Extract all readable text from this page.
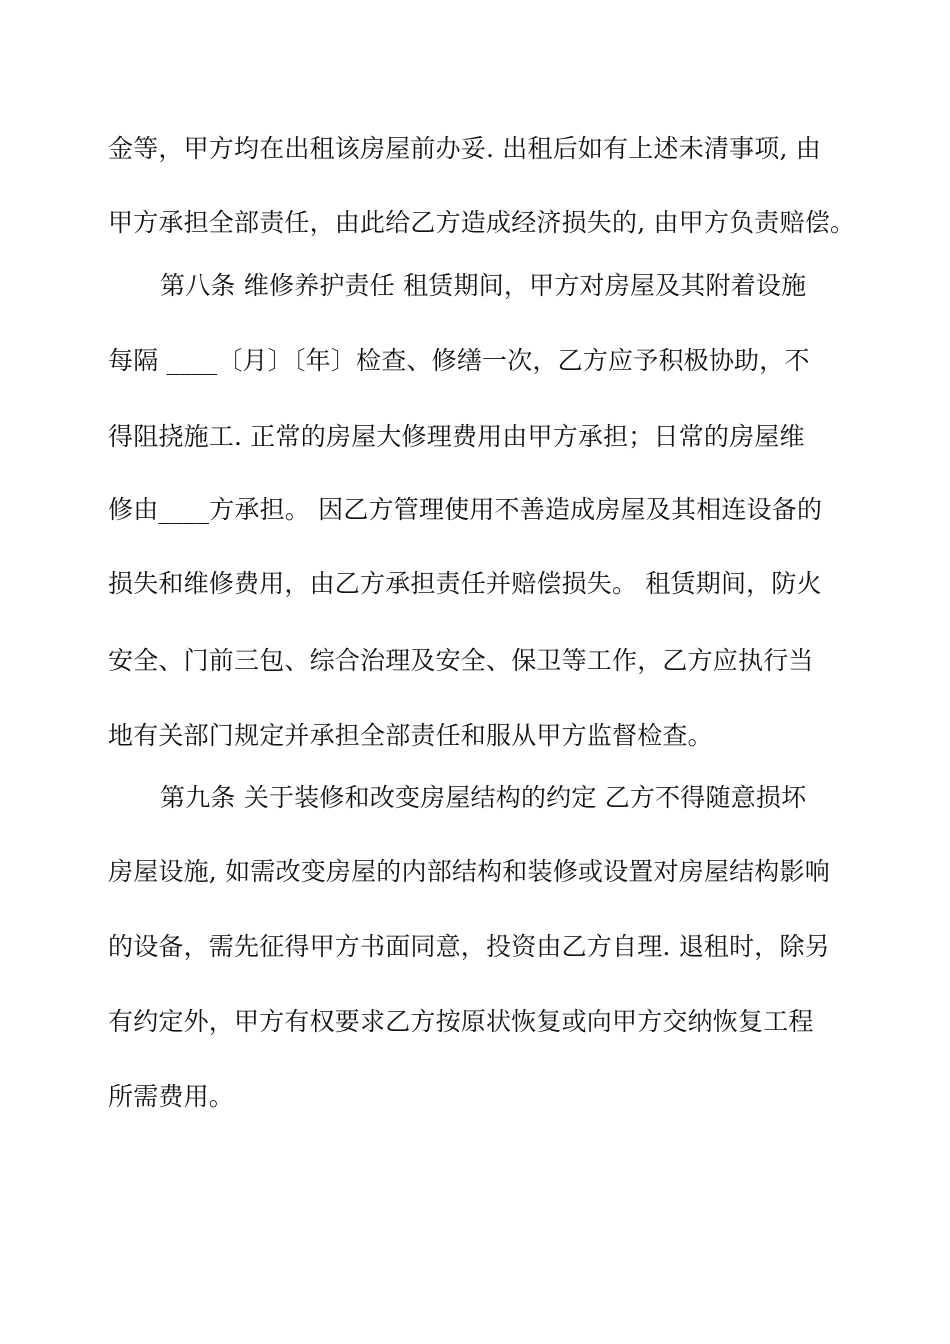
金等，甲方均在出租该房屋前办妥. 出租后如有上述未清事项, 由
甲方承担全部责任，由此给乙方造成经济损失的, 由甲方负责赔偿。
第八条 维修养护责任 租赁期间，甲方对房屋及其附着设施
每隔 ____〔月〕〔年〕检查、修缮一次，乙方应予积极协助，不
得阻挠施工. 正常的房屋大修理费用由甲方承担；日常的房屋维
修由____方承担。 因乙方管理使用不善造成房屋及其相连设备的
损失和维修费用，由乙方承担责任并赔偿损失。 租赁期间，防火
安全、门前三包、综合治理及安全、保卫等工作，乙方应执行当
地有关部门规定并承担全部责任和服从甲方监督检查。
第九条 关于装修和改变房屋结构的约定 乙方不得随意损坏
房屋设施, 如需改变房屋的内部结构和装修或设置对房屋结构影响
的设备，需先征得甲方书面同意，投资由乙方自理. 退租时，除另
有约定外，甲方有权要求乙方按原状恢复或向甲方交纳恢复工程
所需费用。
